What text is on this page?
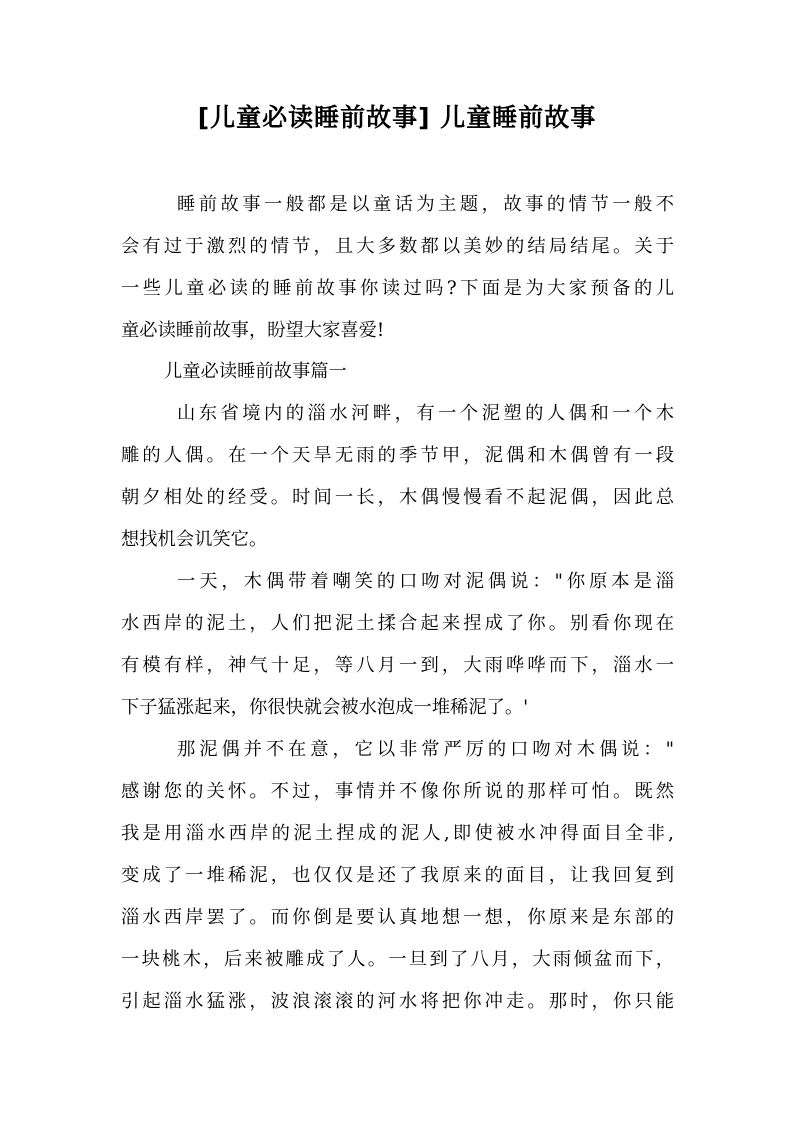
[儿童必读睡前故事] 儿童睡前故事
睡前故事一般都是以童话为主题，故事的情节一般不
会有过于激烈的情节，且大多数都以美妙的结局结尾。关于
一些儿童必读的睡前故事你读过吗?下面是为大家预备的儿
童必读睡前故事，盼望大家喜爱!
儿童必读睡前故事篇一
山东省境内的淄水河畔，有一个泥塑的人偶和一个木
雕的人偶。在一个天旱无雨的季节甲，泥偶和木偶曾有一段
朝夕相处的经受。时间一长，木偶慢慢看不起泥偶，因此总
想找机会讥笑它。
一天，木偶带着嘲笑的口吻对泥偶说："你原本是淄
水西岸的泥土，人们把泥土揉合起来捏成了你。别看你现在
有模有样，神气十足，等八月一到，大雨哗哗而下，淄水一
下子猛涨起来，你很快就会被水泡成一堆稀泥了。'
那泥偶并不在意，它以非常严厉的口吻对木偶说："
感谢您的关怀。不过，事情并不像你所说的那样可怕。既然
我是用淄水西岸的泥土捏成的泥人,即使被水冲得面目全非,
变成了一堆稀泥，也仅仅是还了我原来的面目，让我回复到
淄水西岸罢了。而你倒是要认真地想一想，你原来是东部的
一块桃木，后来被雕成了人。一旦到了八月，大雨倾盆而下，
引起淄水猛涨，波浪滚滚的河水将把你冲走。那时，你只能
